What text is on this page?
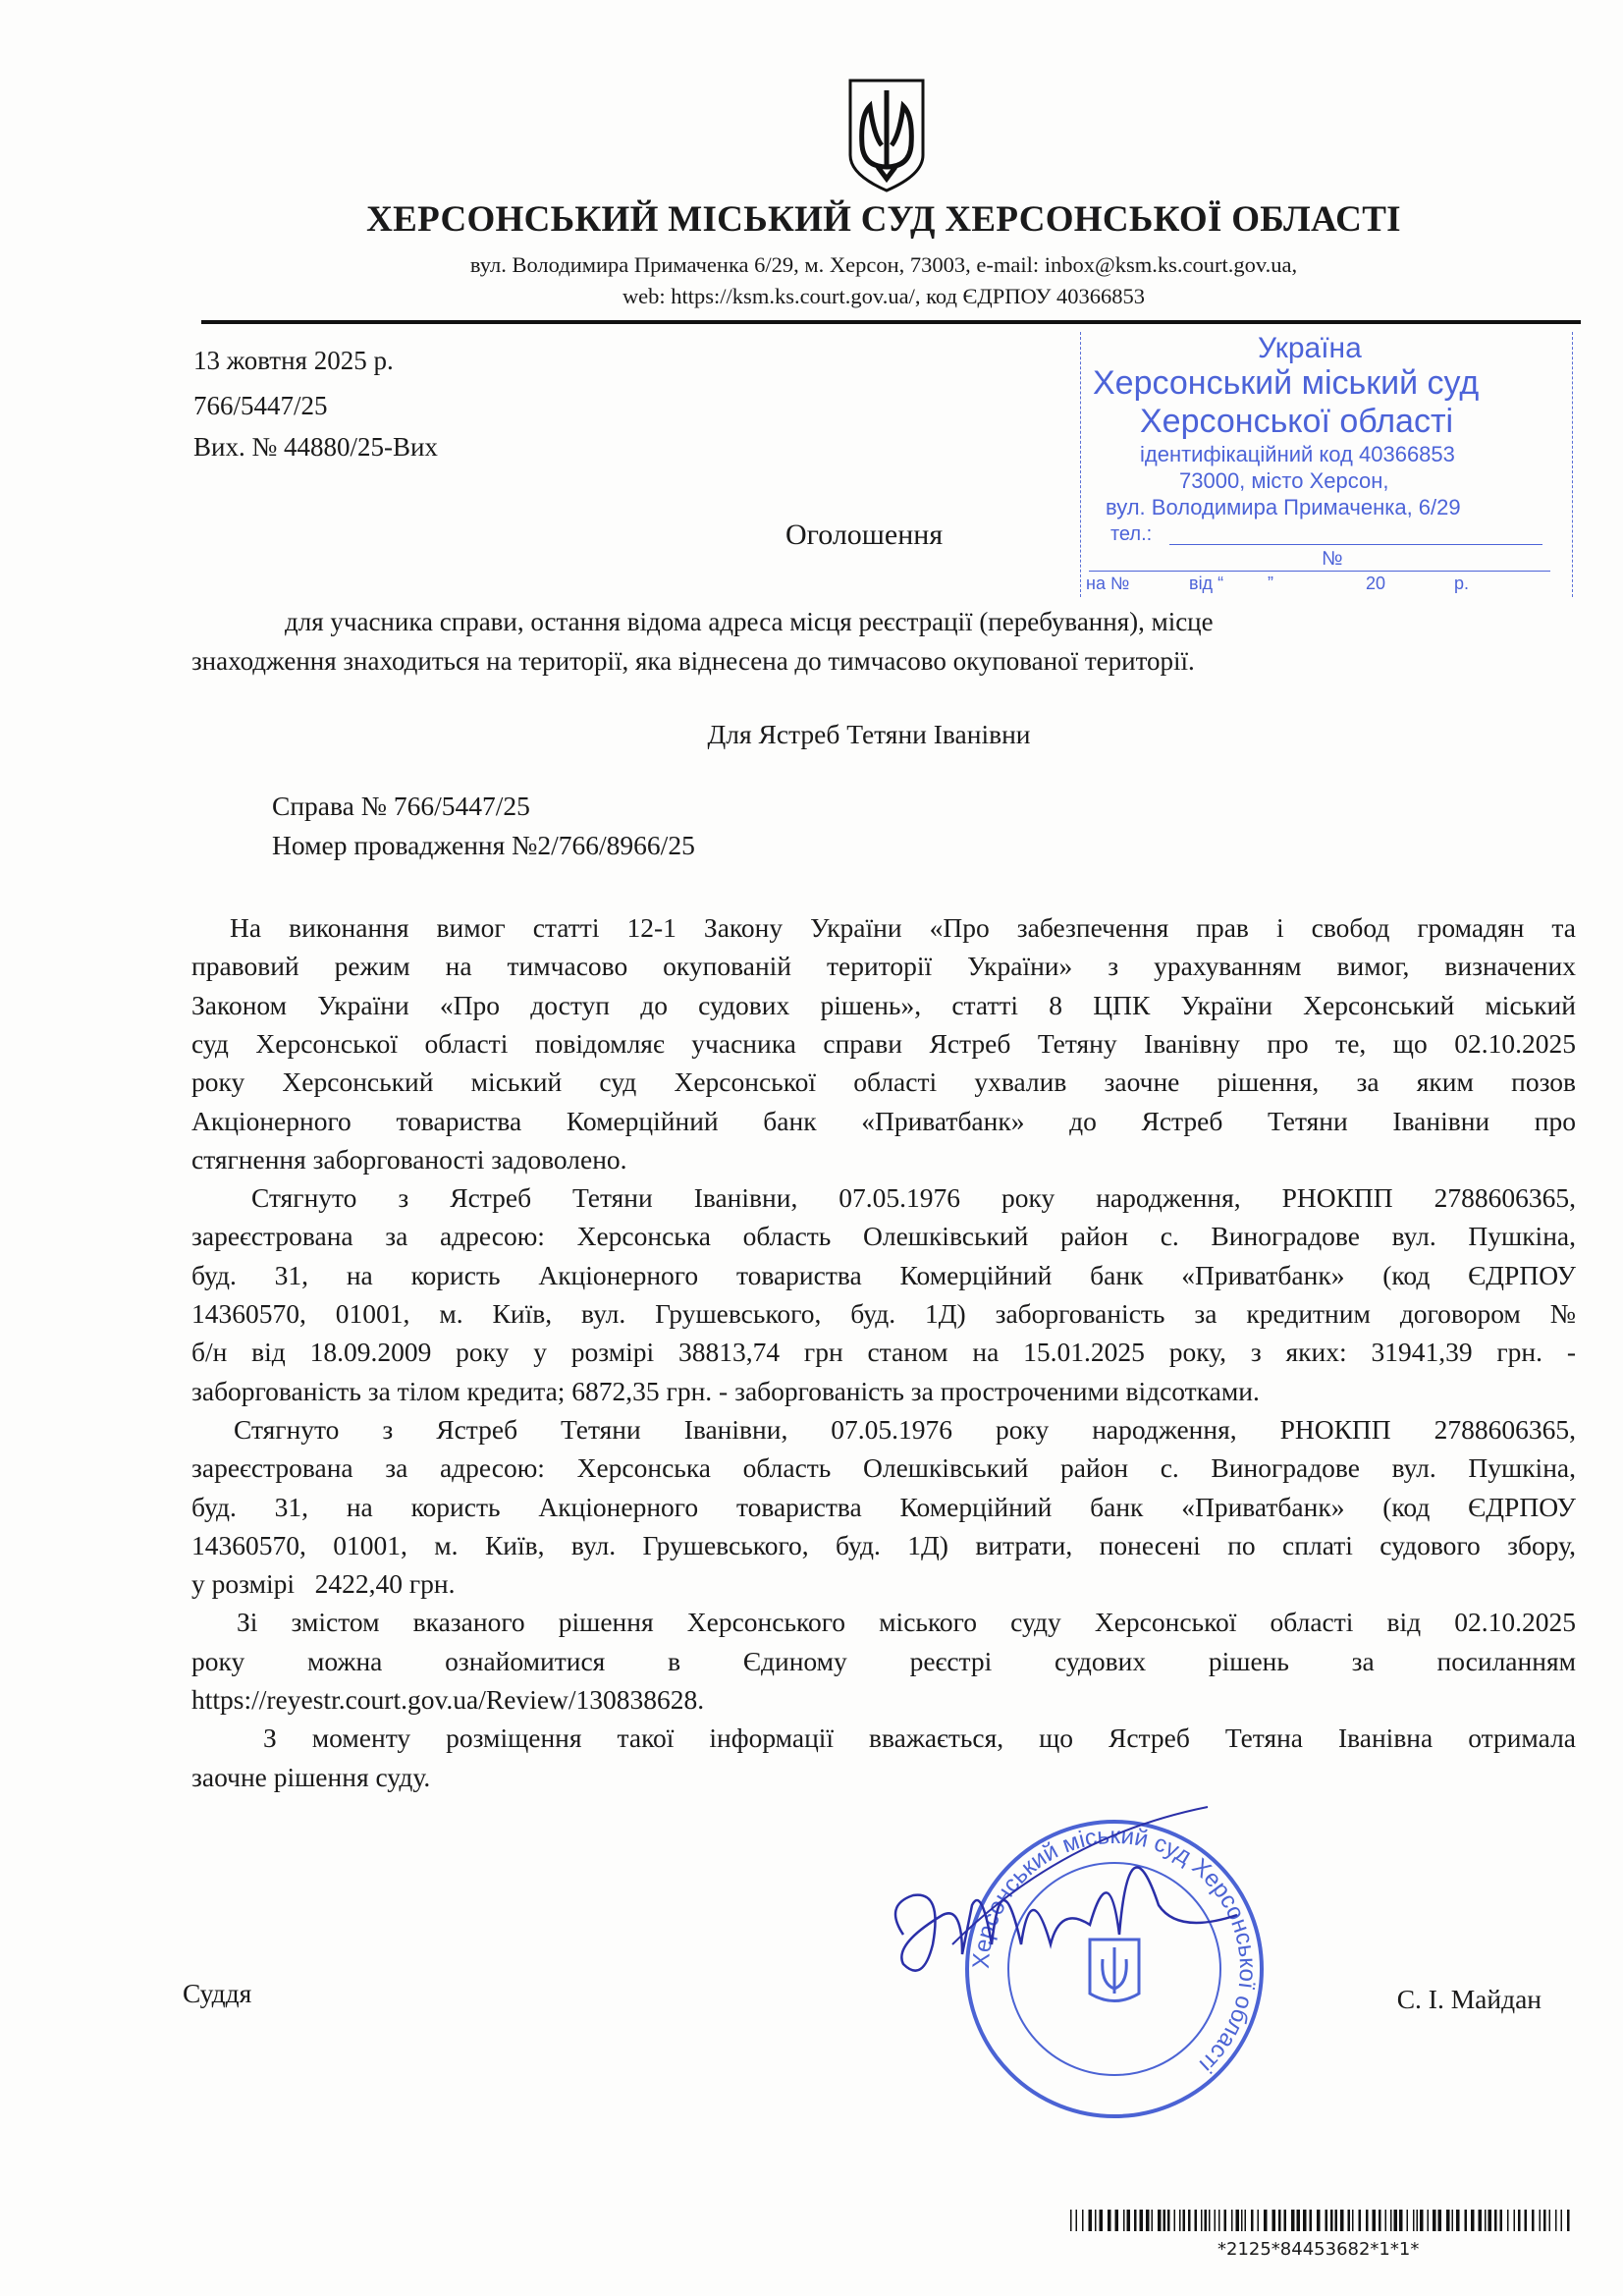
ХЕРСОНСЬКИЙ МІСЬКИЙ СУД ХЕРСОНСЬКОЇ ОБЛАСТІ
вул. Володимира Примаченка 6/29, м. Херсон, 73003, e-mail: inbox@ksm.ks.court.gov.ua,
web: https://ksm.ks.court.gov.ua/, код ЄДРПОУ 40366853
Україна
Херсонський міський суд
Херсонської області
ідентифікаційний код 40366853
73000, місто Херсон,
вул. Володимира Примаченка, 6/29
тел.:
№
на №	від “ ”	20	р.
13 жовтня 2025 р.
766/5447/25
Вих. № 44880/25-Вих
Оголошення
для учасника справи, остання відома адреса місця реєстрації (перебування), місце
знаходження знаходиться на території, яка віднесена до тимчасово окупованої території.
Для Ястреб Тетяни Іванівни
Справа № 766/5447/25
Номер провадження №2/766/8966/25
На виконання вимог статті 12-1 Закону України «Про забезпечення прав і свобод громадян та
правовий режим на тимчасово окупованій території України» з урахуванням вимог, визначених
Законом України «Про доступ до судових рішень», статті 8 ЦПК України Херсонський міський
суд Херсонської області повідомляє учасника справи Ястреб Тетяну Іванівну про те, що 02.10.2025
року Херсонський міський суд Херсонської області ухвалив заочне рішення, за яким позов
Акціонерного товариства Комерційний банк «Приватбанк» до Ястреб Тетяни Іванівни про
стягнення заборгованості задоволено.
Стягнуто з Ястреб Тетяни Іванівни, 07.05.1976 року народження, РНОКПП 2788606365,
зареєстрована за адресою: Херсонська область Олешківський район с. Виноградове вул. Пушкіна,
буд. 31, на користь Акціонерного товариства Комерційний банк «Приватбанк» (код ЄДРПОУ
14360570, 01001, м. Київ, вул. Грушевського, буд. 1Д) заборгованість за кредитним договором №
б/н від 18.09.2009 року у розмірі 38813,74 грн станом на 15.01.2025 року, з яких: 31941,39 грн. -
заборгованість за тілом кредита; 6872,35 грн. - заборгованість за простроченими відсотками.
Стягнуто з Ястреб Тетяни Іванівни, 07.05.1976 року народження, РНОКПП 2788606365,
зареєстрована за адресою: Херсонська область Олешківський район с. Виноградове вул. Пушкіна,
буд. 31, на користь Акціонерного товариства Комерційний банк «Приватбанк» (код ЄДРПОУ
14360570, 01001, м. Київ, вул. Грушевського, буд. 1Д) витрати, понесені по сплаті судового збору,
у розмірі   2422,40 грн.
Зі змістом вказаного рішення Херсонського міського суду Херсонської області від 02.10.2025
року можна ознайомитися в Єдиному реєстрі судових рішень за посиланням
https://reyestr.court.gov.ua/Review/130838628.
З моменту розміщення такої інформації вважається, що Ястреб Тетяна Іванівна отримала
заочне рішення суду.
Херсонський міський суд Херсонської області
Суддя	С. І. Майдан
*2125*84453682*1*1*
